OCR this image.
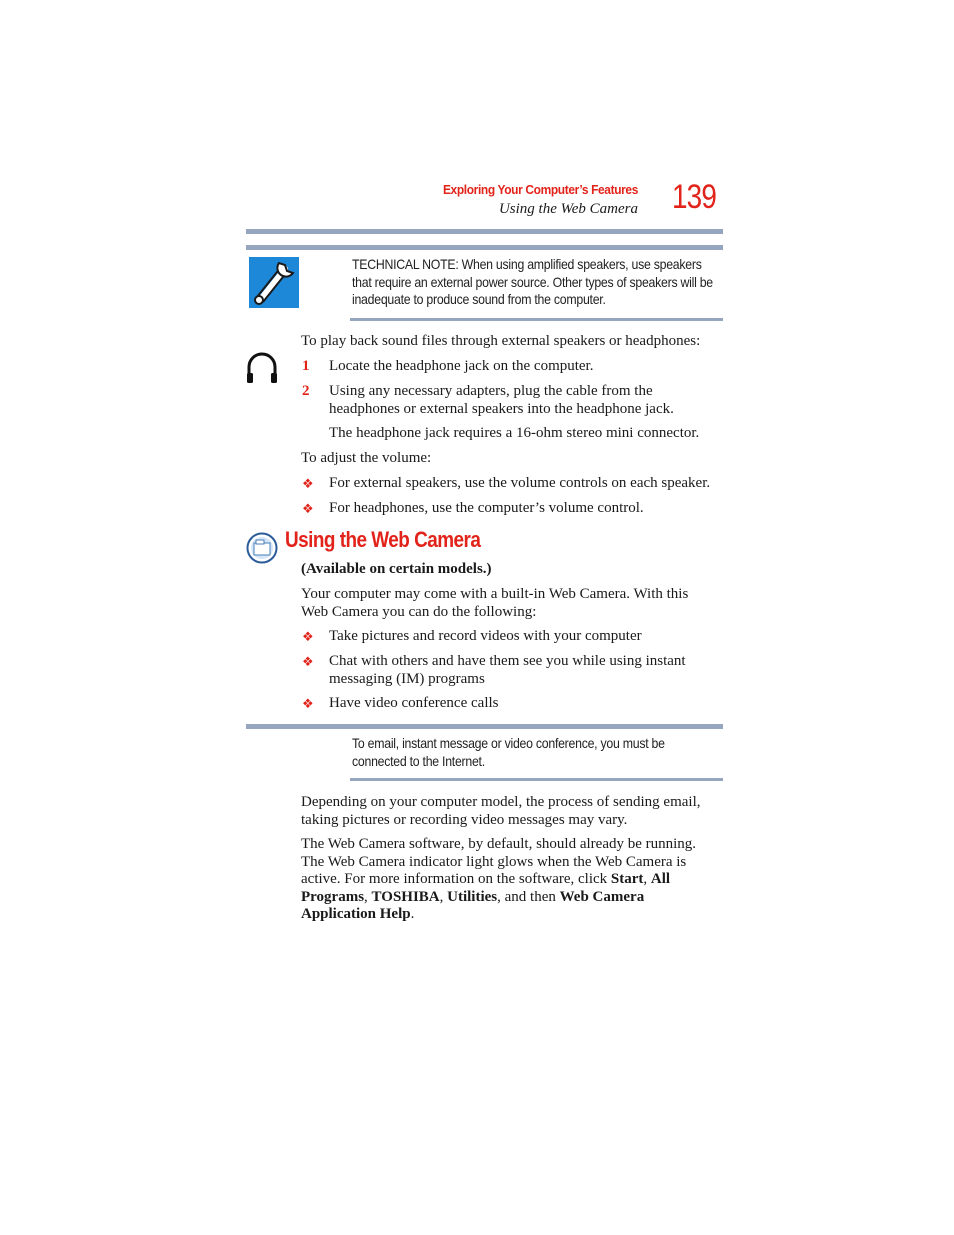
Exploring Your Computer’s Features
Using the Web Camera 139
TECHNICAL NOTE: When using amplified speakers, use speakers
that require an external power source. Other types of speakers will be
inadequate to produce sound from the computer.
To play back sound files through external speakers or headphones:
1 Locate the headphone jack on the computer.
2 Using any necessary adapters, plug the cable from the
headphones or external speakers into the headphone jack.
The headphone jack requires a 16-ohm stereo mini connector.
To adjust the volume:
❖ For external speakers, use the volume controls on each speaker.
❖ For headphones, use the computer’s volume control.
Using the Web Camera
(Available on certain models.)
Your computer may come with a built-in Web Camera. With this
Web Camera you can do the following:
❖ Take pictures and record videos with your computer
❖ Chat with others and have them see you while using instant
messaging (IM) programs
❖ Have video conference calls
To email, instant message or video conference, you must be
connected to the Internet.
Depending on your computer model, the process of sending email,
taking pictures or recording video messages may vary.
The Web Camera software, by default, should already be running.
The Web Camera indicator light glows when the Web Camera is
active. For more information on the software, click Start, All
Programs, TOSHIBA, Utilities, and then Web Camera
Application Help.
